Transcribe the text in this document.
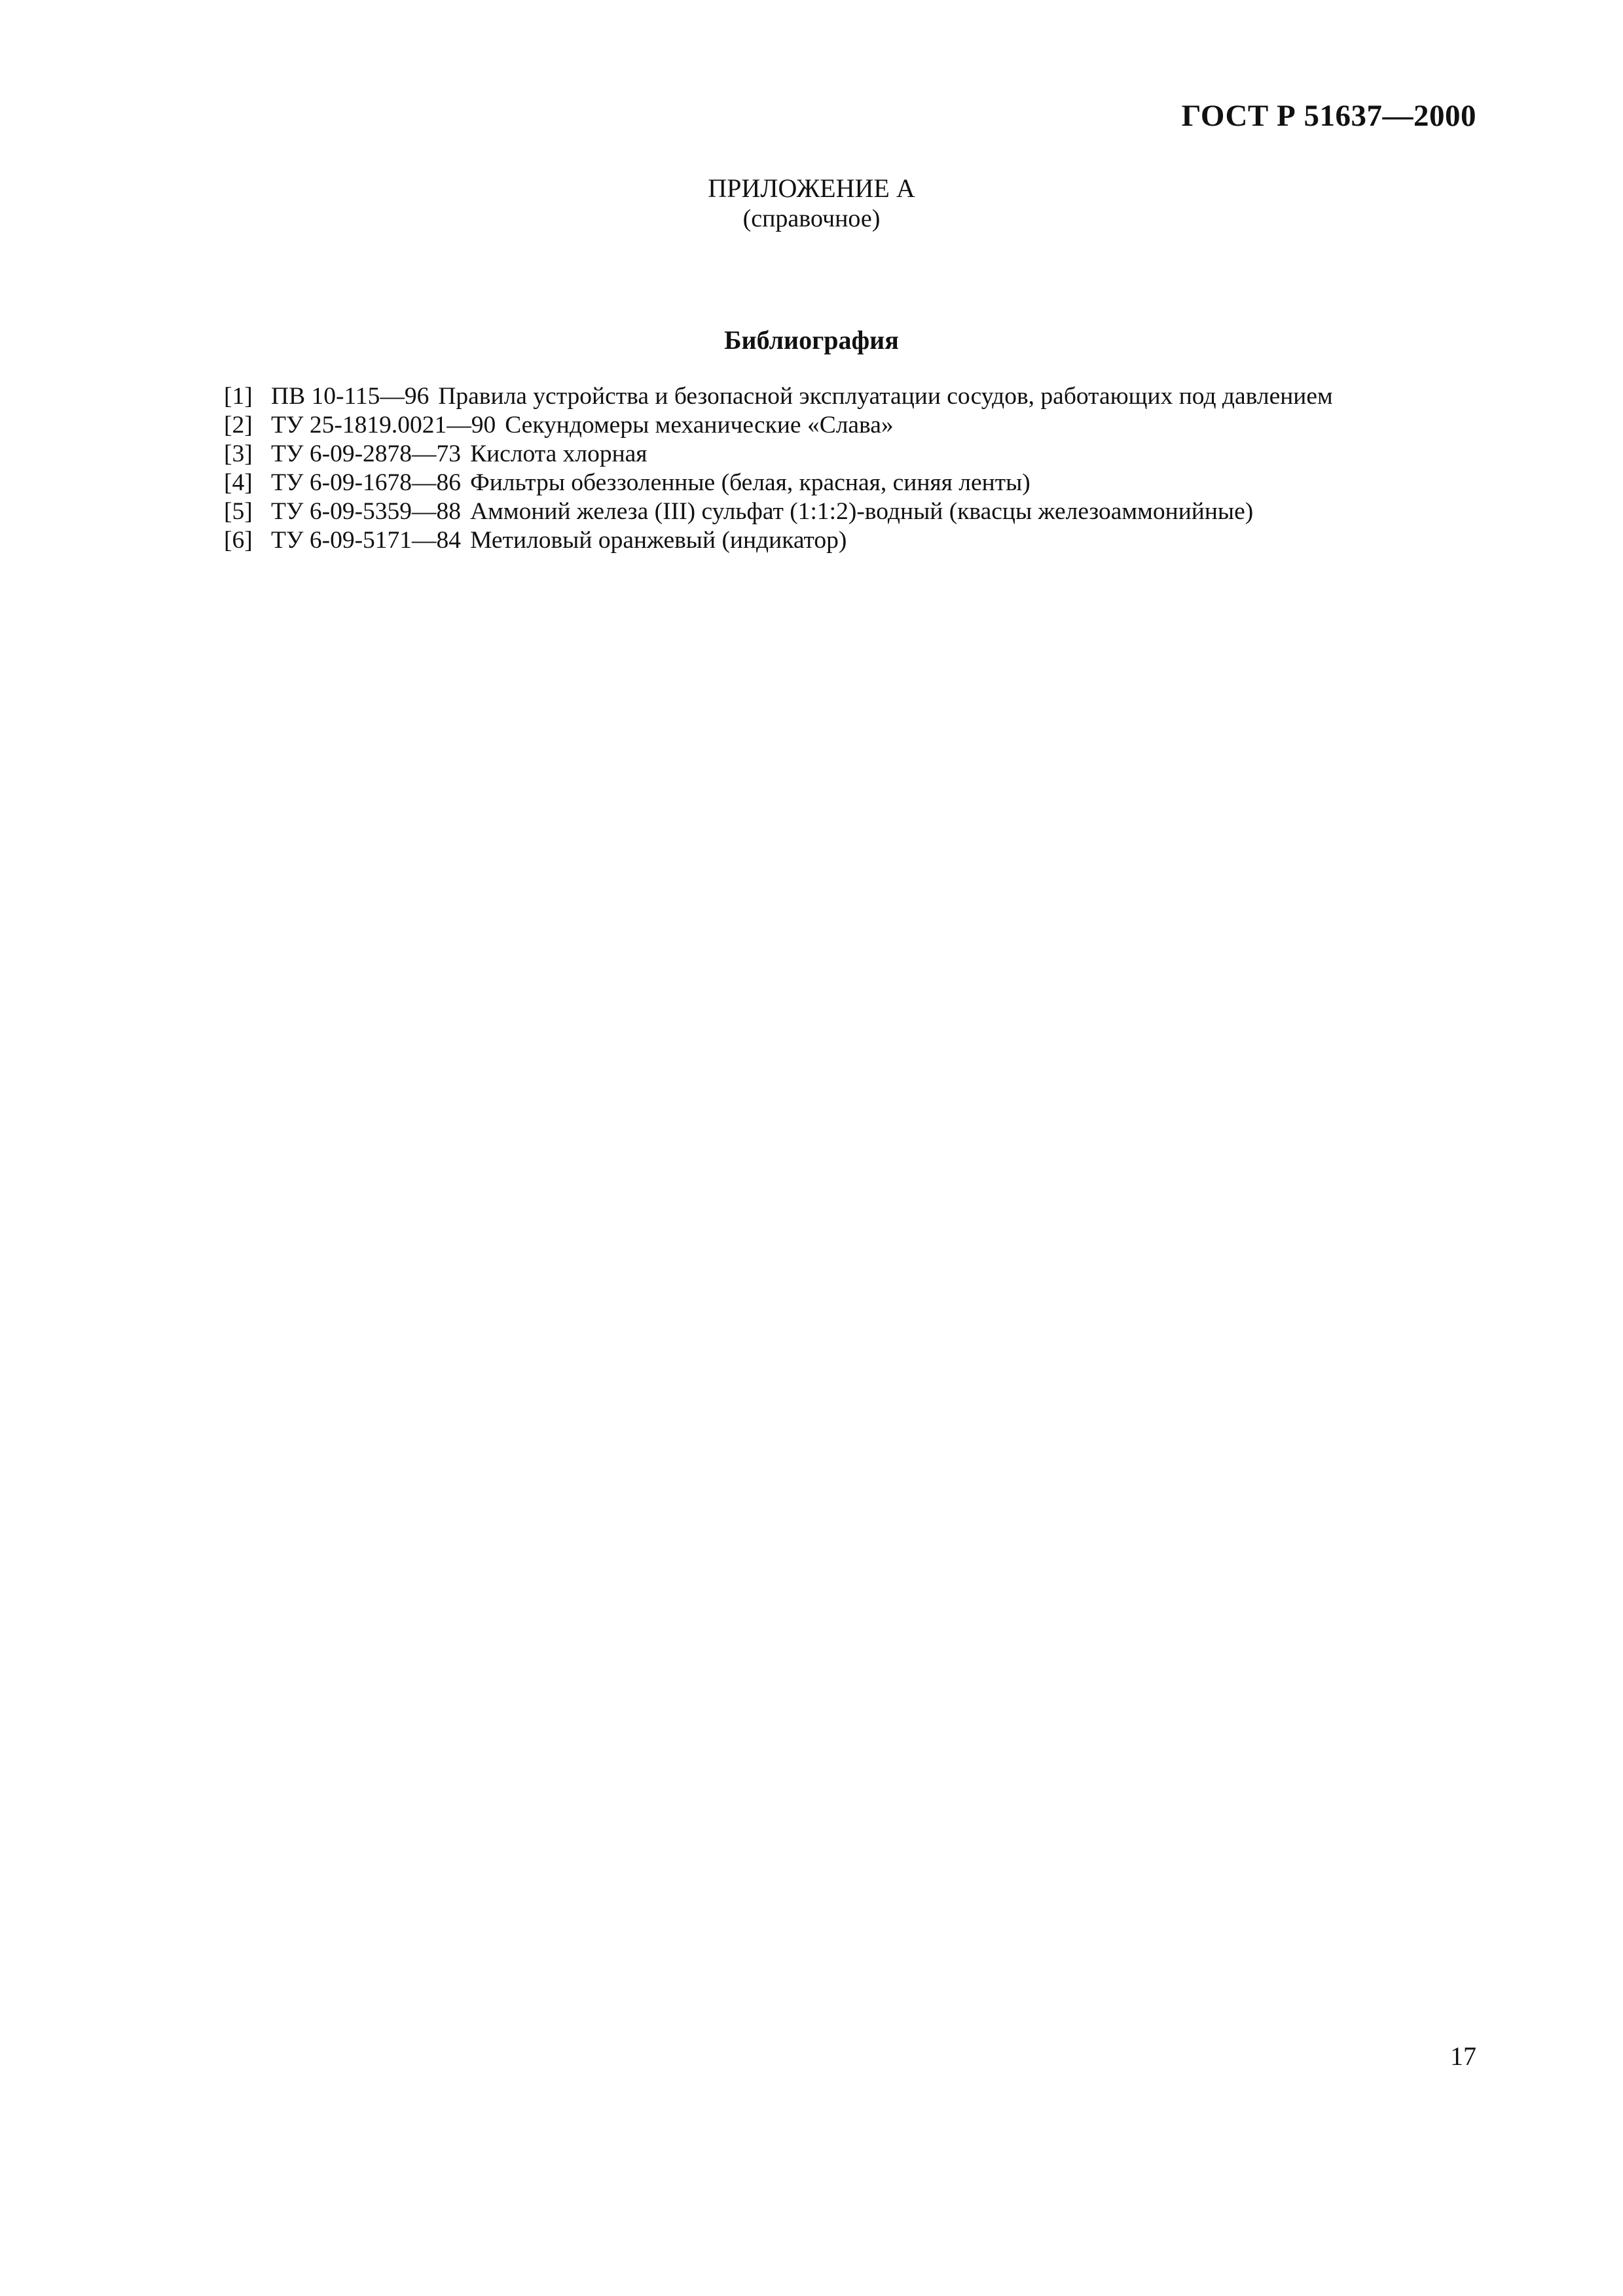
ГОСТ Р 51637—2000
ПРИЛОЖЕНИЕ А
(справочное)
Библиография
[1] ПВ 10-115—96 Правила устройства и безопасной эксплуатации сосудов, работающих под давлением
[2] ТУ 25-1819.0021—90 Секундомеры механические «Слава»
[3] ТУ 6-09-2878—73 Кислота хлорная
[4] ТУ 6-09-1678—86 Фильтры обеззоленные (белая, красная, синяя ленты)
[5] ТУ 6-09-5359—88 Аммоний железа (III) сульфат (1:1:2)-водный (квасцы железоаммонийные)
[6] ТУ 6-09-5171—84 Метиловый оранжевый (индикатор)
17
